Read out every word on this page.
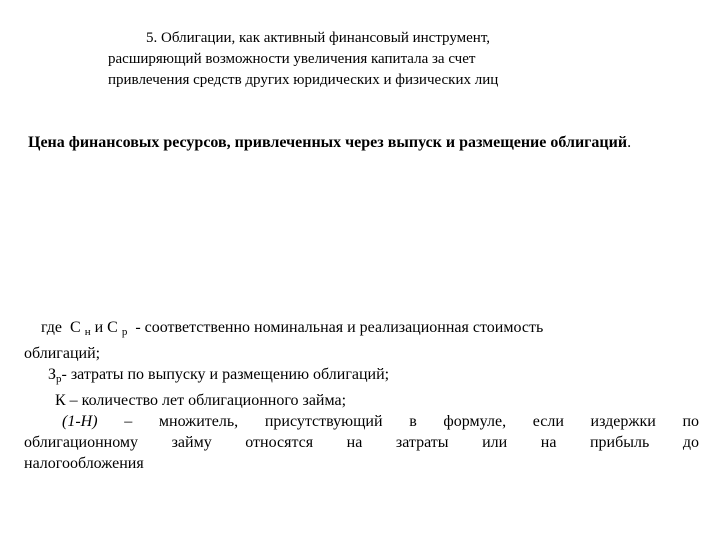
5. Облигации, как активный финансовый инструмент,
расширяющий возможности увеличения капитала за счет
привлечения средств других юридических и физических лиц
Цена финансовых ресурсов, привлеченных через выпуск и размещение облигаций.
где С $_н$ и С $_р$ - соответственно номинальная и реализационная стоимость
облигаций;
$З_р-$ затраты по выпуску и размещению облигаций;
К – количество лет облигационного займа;
(1-Н) – множитель, присутствующий в формуле, если издержки по
облигационному займу относятся на затраты или на прибыль до
налогообложения
